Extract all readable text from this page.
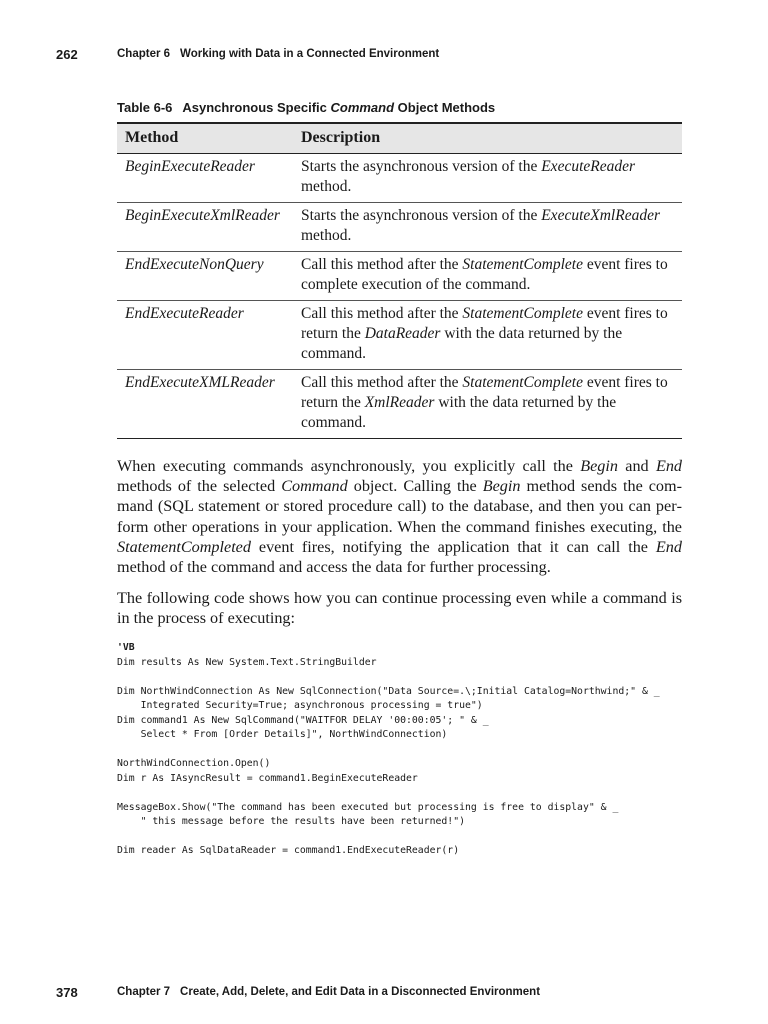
262	Chapter 6 Working with Data in a Connected Environment
Table 6-6 Asynchronous Specific Command Object Methods
Method	Description
BeginExecuteReader	Starts the asynchronous version of the ExecuteReader method.
BeginExecuteXmlReader	Starts the asynchronous version of the ExecuteXmlReader method.
EndExecuteNonQuery	Call this method after the StatementComplete event fires to complete execution of the command.
EndExecuteReader	Call this method after the StatementComplete event fires to return the DataReader with the data returned by the command.
EndExecuteXMLReader	Call this method after the StatementComplete event fires to return the XmlReader with the data returned by the command.

When executing commands asynchronously, you explicitly call the Begin and End methods of the selected Command object. Calling the Begin method sends the command (SQL statement or stored procedure call) to the database, and then you can perform other operations in your application. When the command finishes executing, the StatementCompleted event fires, notifying the application that it can call the End method of the command and access the data for further processing.

The following code shows how you can continue processing even while a command is in the process of executing:

'VB
Dim results As New System.Text.StringBuilder

Dim NorthWindConnection As New SqlConnection("Data Source=.\;Initial Catalog=Northwind;" & _
Integrated Security=True; asynchronous processing = true")
Dim command1 As New SqlCommand("WAITFOR DELAY '00:00:05'; " & _
Select * From [Order Details]", NorthWindConnection)

NorthWindConnection.Open()
Dim r As IAsyncResult = command1.BeginExecuteReader

MessageBox.Show("The command has been executed but processing is free to display" & _
" this message before the results have been returned!")

Dim reader As SqlDataReader = command1.EndExecuteReader(r)
378	Chapter 7 Create, Add, Delete, and Edit Data in a Disconnected Environment
